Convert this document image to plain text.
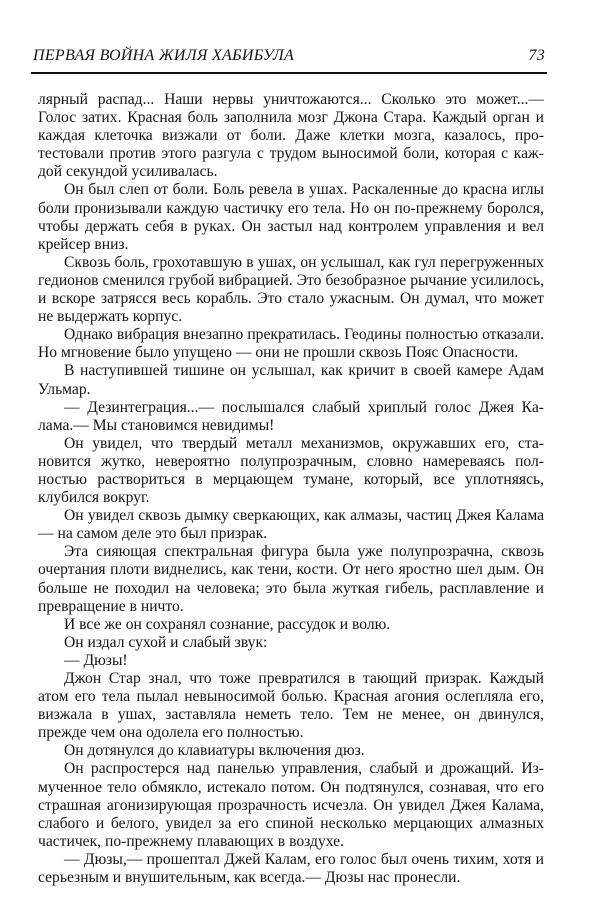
ПЕРВАЯ ВОЙНА ЖИЛЯ ХАБИБУЛА	73

лярный распад... Наши нервы уничтожаются... Сколько это может...— Голос затих. Красная боль заполнила мозг Джона Стара. Каждый орган и каждая клеточка визжали от боли. Даже клетки мозга, казалось, протестовали против этого разгула с трудом выносимой боли, которая с каждой секундой усиливалась.

Он был слеп от боли. Боль ревела в ушах. Раскаленные до красна иглы боли пронизывали каждую частичку его тела. Но он по-прежнему боролся, чтобы держать себя в руках. Он застыл над контролем управления и вел крейсер вниз.

Сквозь боль, грохотавшую в ушах, он услышал, как гул перегруженных гедионов сменился грубой вибрацией. Это безобразное рычание усилилось, и вскоре затрясся весь корабль. Это стало ужасным. Он думал, что может не выдержать корпус.

Однако вибрация внезапно прекратилась. Геодины полностью отказали. Но мгновение было упущено — они не прошли сквозь Пояс Опасности.

В наступившей тишине он услышал, как кричит в своей камере Адам Ульмар.

— Дезинтеграция...— послышался слабый хриплый голос Джея Калама.— Мы становимся невидимы!

Он увидел, что твердый металл механизмов, окружавших его, становится жутко, невероятно полупрозрачным, словно намереваясь полностью раствориться в мерцающем тумане, который, все уплотняясь, клубился вокруг.

Он увидел сквозь дымку сверкающих, как алмазы, частиц Джея Калама — на самом деле это был призрак.

Эта сияющая спектральная фигура была уже полупрозрачна, сквозь очертания плоти виднелись, как тени, кости. От него яростно шел дым. Он больше не походил на человека; это была жуткая гибель, расплавление и превращение в ничто.

И все же он сохранял сознание, рассудок и волю.

Он издал сухой и слабый звук:

— Дюзы!

Джон Стар знал, что тоже превратился в тающий призрак. Каждый атом его тела пылал невыносимой болью. Красная агония ослепляла его, визжала в ушах, заставляла неметь тело. Тем не менее, он двинулся, прежде чем она одолела его полностью.

Он дотянулся до клавиатуры включения дюз.

Он распростерся над панелью управления, слабый и дрожащий. Измученное тело обмякло, истекало потом. Он подтянулся, сознавая, что его страшная агонизирующая прозрачность исчезла. Он увидел Джея Калама, слабого и белого, увидел за его спиной несколько мерцающих алмазных частичек, по-прежнему плавающих в воздухе.

— Дюзы,— прошептал Джей Калам, его голос был очень тихим, хотя и серьезным и внушительным, как всегда.— Дюзы нас пронесли.
